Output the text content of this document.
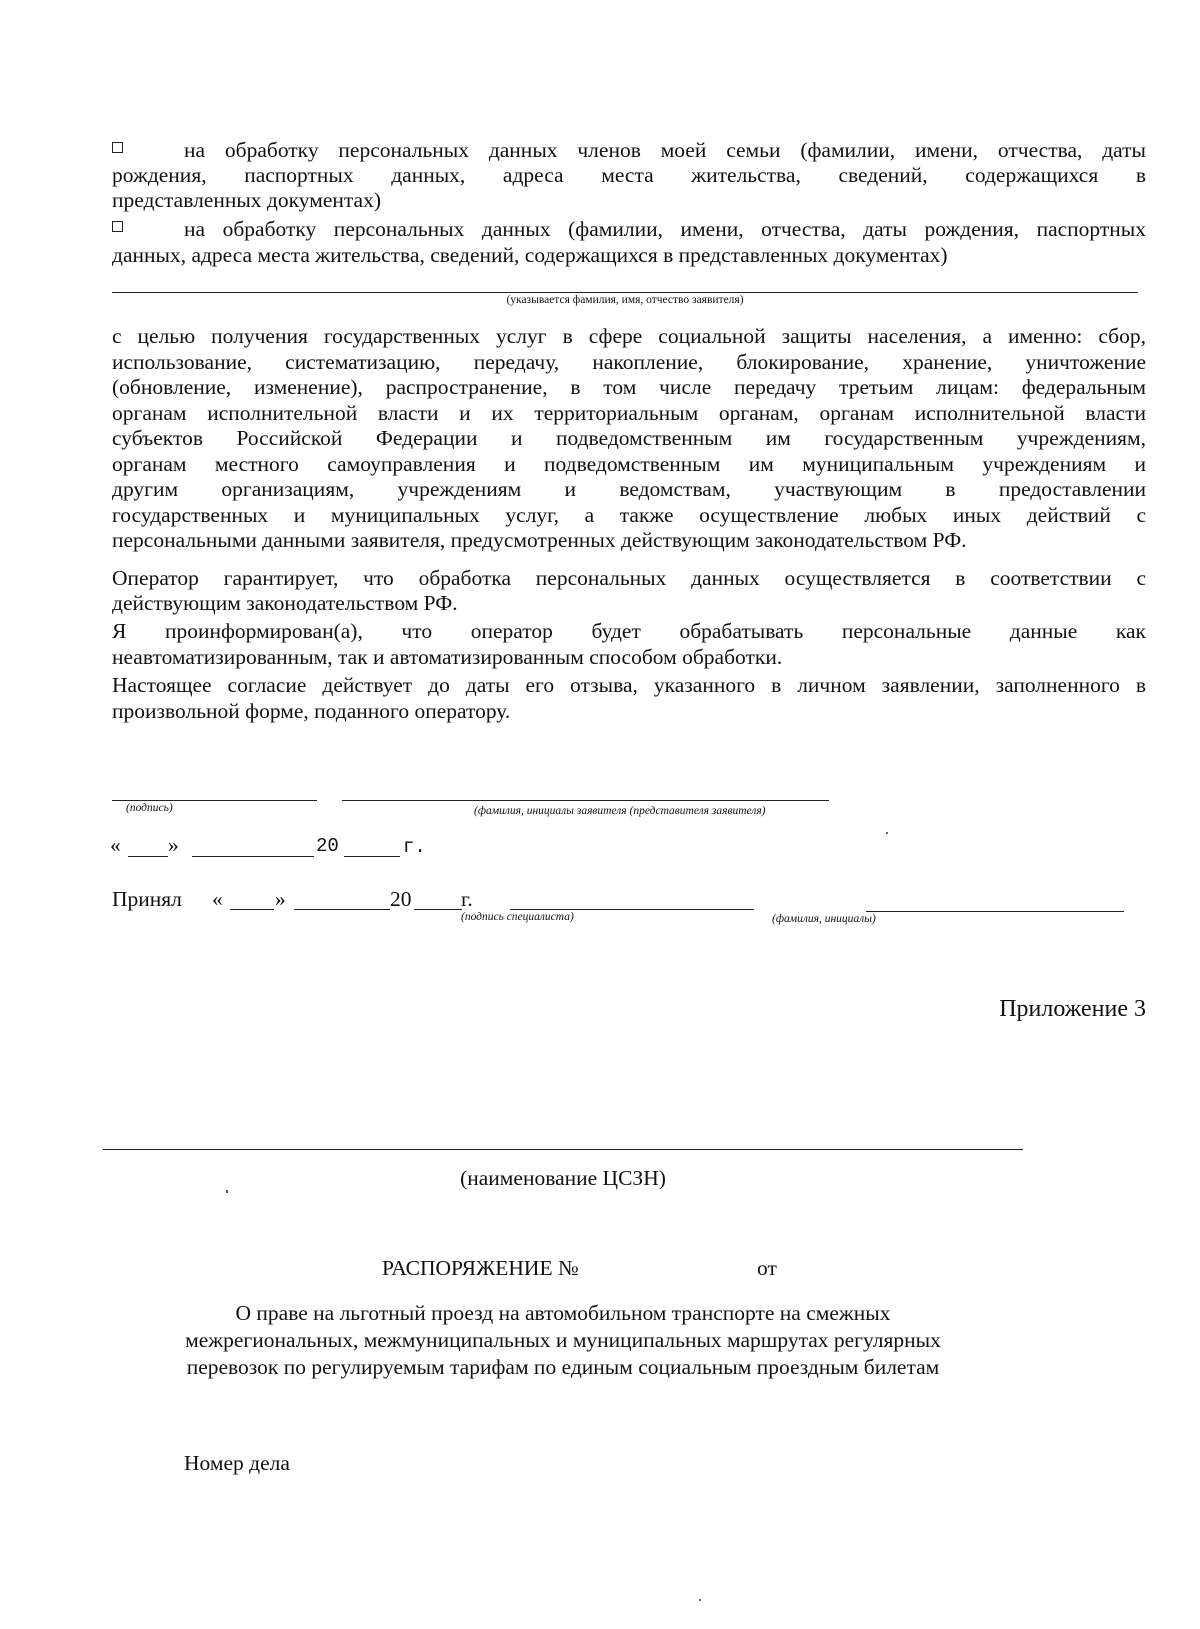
на обработку персональных данных членов моей семьи (фамилии, имени, отчества, даты
рождения, паспортных данных, адреса места жительства, сведений, содержащихся в
представленных документах)
на обработку персональных данных (фамилии, имени, отчества, даты рождения, паспортных
данных, адреса места жительства, сведений, содержащихся в представленных документах)
(указывается фамилия, имя, отчество заявителя)
с целью получения государственных услуг в сфере социальной защиты населения, а именно: сбор,
использование, систематизацию, передачу, накопление, блокирование, хранение, уничтожение
(обновление, изменение), распространение, в том числе передачу третьим лицам: федеральным
органам исполнительной власти и их территориальным органам, органам исполнительной власти
субъектов Российской Федерации и подведомственным им государственным учреждениям,
органам местного самоуправления и подведомственным им муниципальным учреждениям и
другим организациям, учреждениям и ведомствам, участвующим в предоставлении
государственных и муниципальных услуг, а также осуществление любых иных действий с
персональными данными заявителя, предусмотренных действующим законодательством РФ.
Оператор гарантирует, что обработка персональных данных осуществляется в соответствии с
действующим законодательством РФ.
Я проинформирован(а), что оператор будет обрабатывать персональные данные как
неавтоматизированным, так и автоматизированным способом обработки.
Настоящее согласие действует до даты его отзыва, указанного в личном заявлении, заполненного в
произвольной форме, поданного оператору.
(подпись)	(фамилия, инициалы заявителя (представителя заявителя)
« »	20	г.
Принял « »	20 г.
(подпись специалиста)	(фамилия, инициалы)
Приложение 3
(наименование ЦСЗН)
РАСПОРЯЖЕНИЕ №	от
О праве на льготный проезд на автомобильном транспорте на смежных
межрегиональных, межмуниципальных и муниципальных маршрутах регулярных
перевозок по регулируемым тарифам по единым социальным проездным билетам
Номер дела
